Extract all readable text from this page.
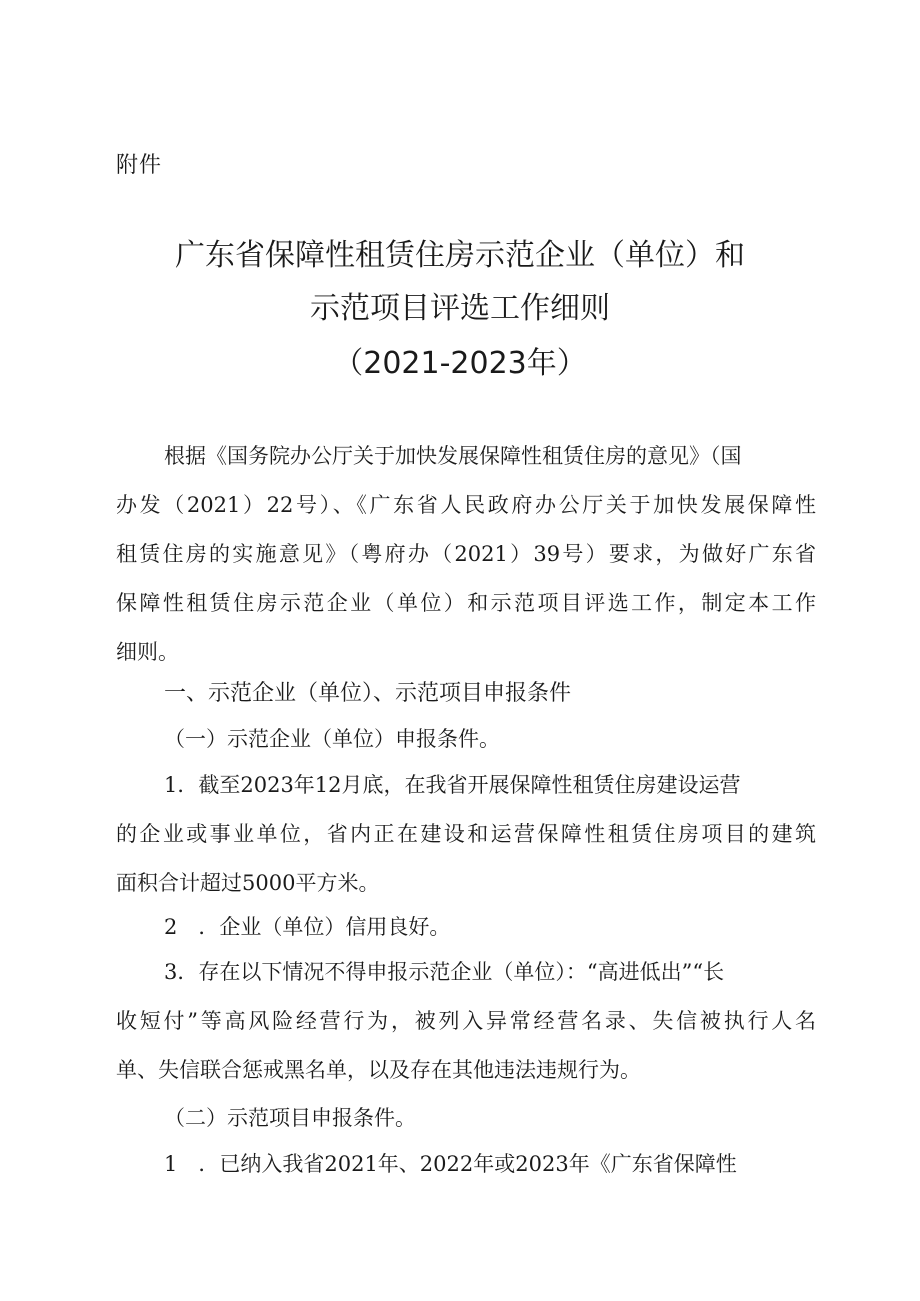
附件
广东省保障性租赁住房示范企业（单位）和
示范项目评选工作细则
（2021-2023年）
根据《国务院办公厅关于加快发展保障性租赁住房的意见》（国
办发（2021）22号）、《广东省人民政府办公厅关于加快发展保障性
租赁住房的实施意见》（粤府办（2021）39号）要求，为做好广东省
保障性租赁住房示范企业（单位）和示范项目评选工作，制定本工作
细则。
一、示范企业（单位）、示范项目申报条件
（一）示范企业（单位）申报条件。
1．截至2023年12月底，在我省开展保障性租赁住房建设运营
的企业或事业单位，省内正在建设和运营保障性租赁住房项目的建筑
面积合计超过5000平方米。
2　．企业（单位）信用良好。
3．存在以下情况不得申报示范企业（单位）：“高进低出”“长
收短付”等高风险经营行为，被列入异常经营名录、失信被执行人名
单、失信联合惩戒黑名单，以及存在其他违法违规行为。
（二）示范项目申报条件。
1　．已纳入我省2021年、2022年或2023年《广东省保障性
